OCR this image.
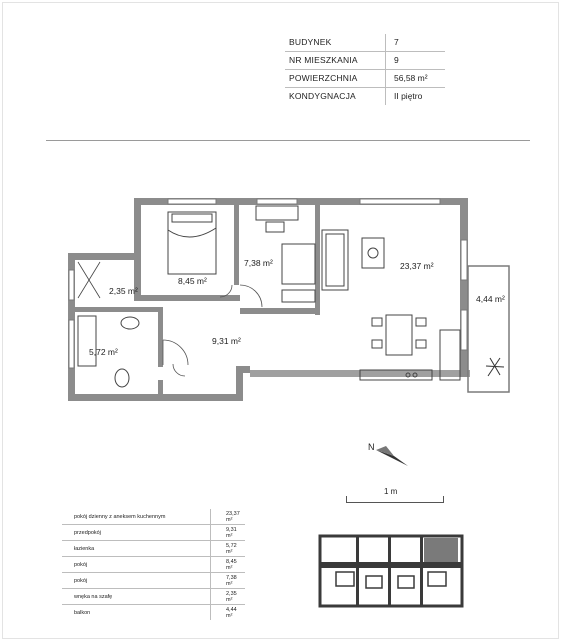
BUDYNEK	7
NR MIESZKANIA	9
POWIERZCHNIA	56,58 m²
KONDYGNACJA	II piętro
2,35 m²
8,45 m²
7,38 m²	23,37 m²
4,44 m²
5,72 m²
9,31 m²
N
1 m
pokój dzienny z aneksem kuchennym	23,37 m²
przedpokój	9,31 m²
łazienka	5,72 m²
pokój	8,45 m²
pokój	7,38 m²
wnęka na szafę	2,35 m²
balkon	4,44 m²
